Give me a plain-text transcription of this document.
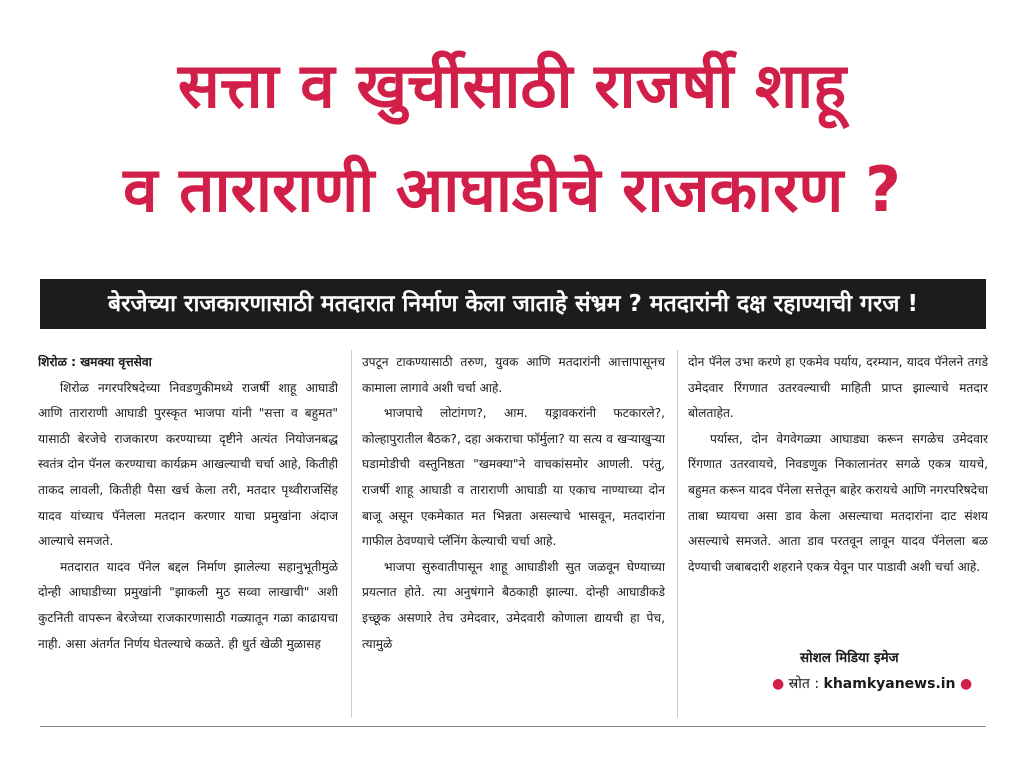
सत्ता व खुर्चीसाठी राजर्षी शाहू
व ताराराणी आघाडीचे राजकारण ?
बेरजेच्या राजकारणासाठी मतदारात निर्माण केला जाताहे संभ्रम ? मतदारांनी दक्ष रहाण्याची गरज !

शिरोळ : खमक्या वृत्तसेवा

शिरोळ नगरपरिषदेच्या निवडणुकीमध्ये राजर्षी शाहू आघाडी आणि ताराराणी आघाडी पुरस्कृत भाजपा यांनी "सत्ता व बहुमत" यासाठी बेरजेचे राजकारण करण्याच्या दृष्टीने अत्यंत नियोजनबद्ध स्वतंत्र दोन पॅनल करण्याचा कार्यक्रम आखल्याची चर्चा आहे, कितीही ताकद लावली, कितीही पैसा खर्च केला तरी, मतदार पृथ्वीराजसिंह यादव यांच्याच पॅनेलला मतदान करणार याचा प्रमुखांना अंदाज आल्याचे समजते.

मतदारात यादव पॅनेल बद्दल निर्माण झालेल्या सहानुभूतीमुळे दोन्ही आघाडीच्या प्रमुखांनी "झाकली मुठ सव्वा लाखाची" अशी कुटनिती वापरून बेरजेच्या राजकारणासाठी गळ्यातून गळा काढायचा नाही. असा अंतर्गत निर्णय घेतल्याचे कळते. ही धुर्त खेळी मुळासह

उपटून टाकण्यासाठी तरुण, युवक आणि मतदारांनी आत्तापासूनच कामाला लागावे अशी चर्चा आहे.

भाजपाचे लोटांगण?, आम. यड्रावकरांनी फटकारले?, कोल्हापुरातील बैठक?, दहा अकराचा फॉर्मुला? या सत्य व खऱ्याखुऱ्या घडामोडीची वस्तुनिष्ठता "खमक्या"ने वाचकांसमोर आणली. परंतु, राजर्षी शाहू आघाडी व ताराराणी आघाडी या एकाच नाण्याच्या दोन बाजू असून एकमेकात मत भिन्नता असल्याचे भासवून, मतदारांना गाफील ठेवण्याचे प्लॅनिंग केल्याची चर्चा आहे.

भाजपा सुरुवातीपासून शाहू आघाडीशी सुत जळवून घेण्याच्या प्रयत्नात होते. त्या अनुषंगाने बैठकाही झाल्या. दोन्ही आघाडीकडे इच्छूक असणारे तेच उमेदवार, उमेदवारी कोणाला द्यायची हा पेच, त्यामुळे

दोन पॅनेल उभा करणे हा एकमेव पर्याय, दरम्यान, यादव पॅनेलने तगडे उमेदवार रिंगणात उतरवल्याची माहिती प्राप्त झाल्याचे मतदार बोलताहेत.

पर्यास्त, दोन वेगवेगळ्या आघाड्या करून सगळेच उमेदवार रिंगणात उतरवायचे, निवडणुक निकालानंतर सगळे एकत्र यायचे, बहुमत करून यादव पॅनेला सत्तेतून बाहेर करायचे आणि नगरपरिषदेचा ताबा घ्यायचा असा डाव केला असल्याचा मतदारांना दाट संशय असल्याचे समजते. आता डाव परतवून लावून यादव पॅनेलला बळ देण्याची जबाबदारी शहराने एकत्र येवून पार पाडावी अशी चर्चा आहे.

सोशल मिडिया इमेज
● स्रोत : khamkyanews.in ●
